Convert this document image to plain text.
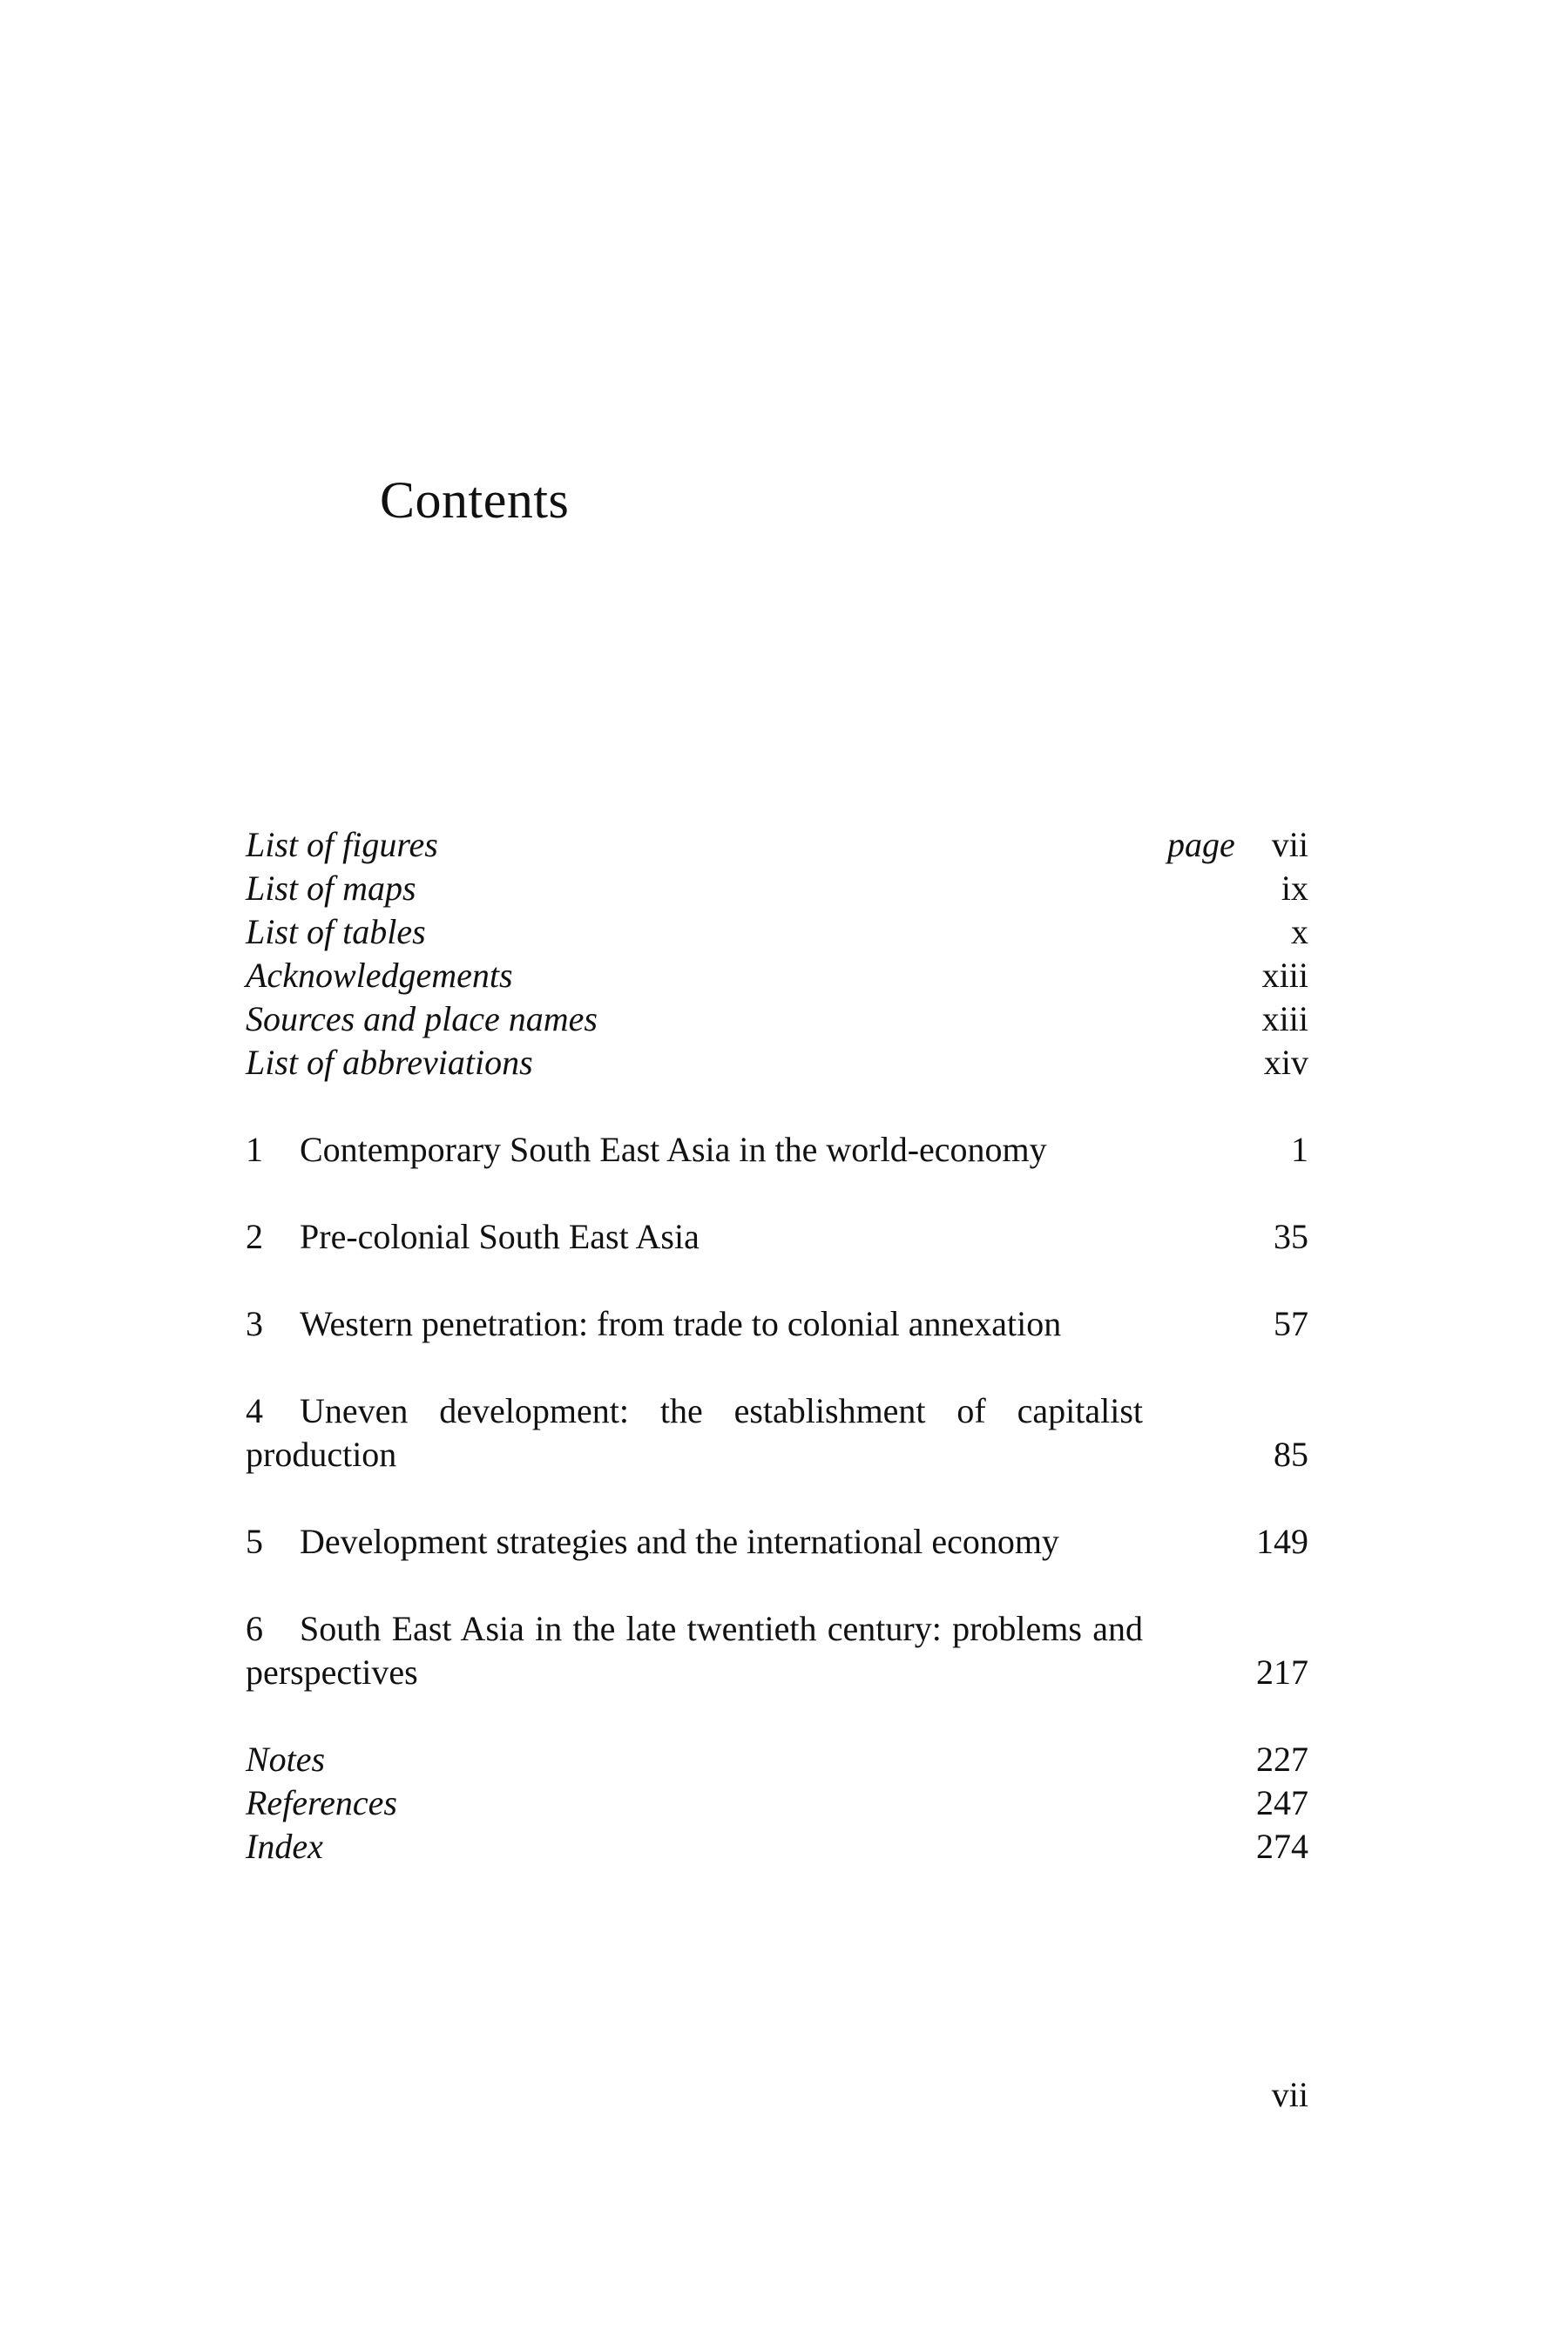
Contents
List of figures	page vii
List of maps	ix
List of tables	x
Acknowledgements	xiii
Sources and place names	xiii
List of abbreviations	xiv
1 Contemporary South East Asia in the world-economy	1
2 Pre-colonial South East Asia	35
3 Western penetration: from trade to colonial annexation	57
4 Uneven development: the establishment of capitalist production	85
5 Development strategies and the international economy	149
6 South East Asia in the late twentieth century: problems and perspectives	217
Notes	227
References	247
Index	274
vii
